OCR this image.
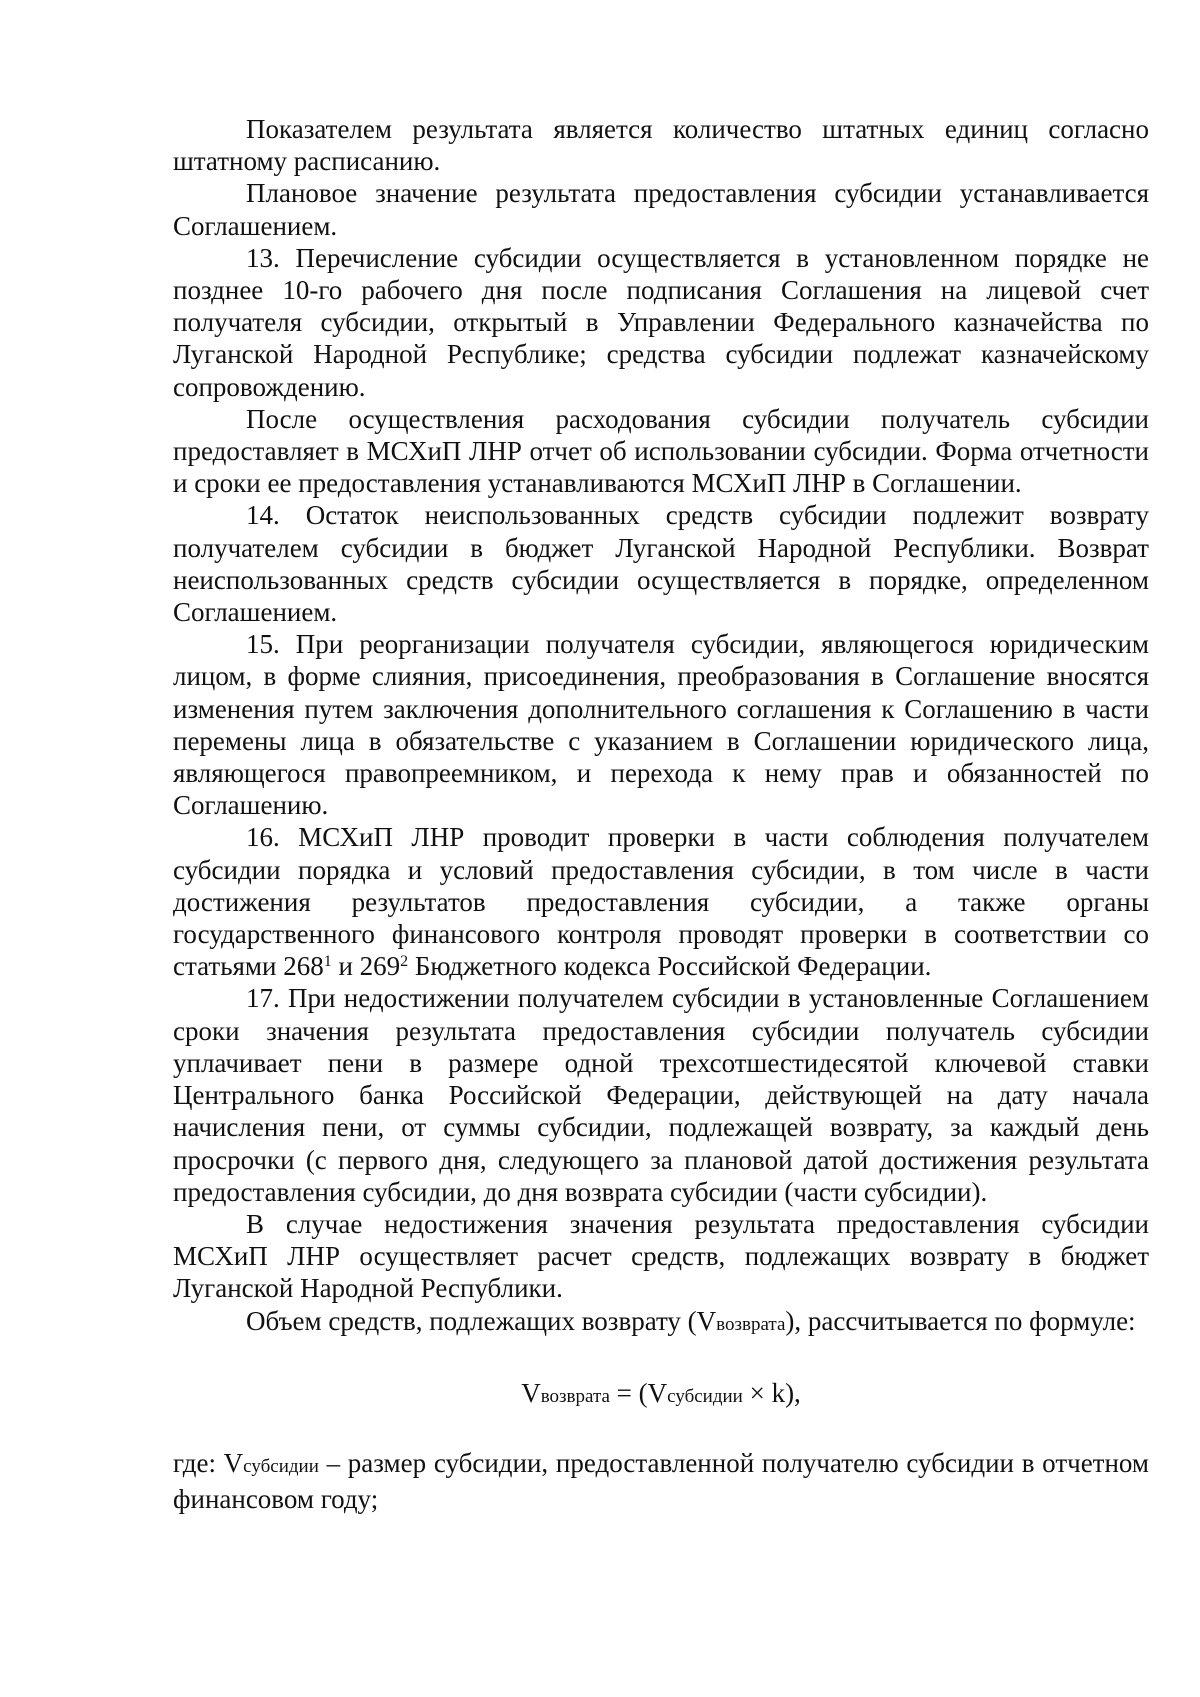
Показателем результата является количество штатных единиц согласно штатному расписанию.

Плановое значение результата предоставления субсидии устанавливается Соглашением.

13. Перечисление субсидии осуществляется в установленном порядке не позднее 10-го рабочего дня после подписания Соглашения на лицевой счет получателя субсидии, открытый в Управлении Федерального казначейства по Луганской Народной Республике; средства субсидии подлежат казначейскому сопровождению.

После осуществления расходования субсидии получатель субсидии предоставляет в МСХиП ЛНР отчет об использовании субсидии. Форма отчетности и сроки ее предоставления устанавливаются МСХиП ЛНР в Соглашении.

14. Остаток неиспользованных средств субсидии подлежит возврату получателем субсидии в бюджет Луганской Народной Республики. Возврат неиспользованных средств субсидии осуществляется в порядке, определенном Соглашением.

15. При реорганизации получателя субсидии, являющегося юридическим лицом, в форме слияния, присоединения, преобразования в Соглашение вносятся изменения путем заключения дополнительного соглашения к Соглашению в части перемены лица в обязательстве с указанием в Соглашении юридического лица, являющегося правопреемником, и перехода к нему прав и обязанностей по Соглашению.

16. МСХиП ЛНР проводит проверки в части соблюдения получателем субсидии порядка и условий предоставления субсидии, в том числе в части достижения результатов предоставления субсидии, а также органы государственного финансового контроля проводят проверки в соответствии со статьями $268^1$ и $269^2$ Бюджетного кодекса Российской Федерации.

17. При недостижении получателем субсидии в установленные Соглашением сроки значения результата предоставления субсидии получатель субсидии уплачивает пени в размере одной трехсотшестидесятой ключевой ставки Центрального банка Российской Федерации, действующей на дату начала начисления пени, от суммы субсидии, подлежащей возврату, за каждый день просрочки (с первого дня, следующего за плановой датой достижения результата предоставления субсидии, до дня возврата субсидии (части субсидии).

В случае недостижения значения результата предоставления субсидии МСХиП ЛНР осуществляет расчет средств, подлежащих возврату в бюджет Луганской Народной Республики.

Объем средств, подлежащих возврату (Vвозврата), рассчитывается по формуле:

Vвозврата = (Vсубсидии × k),

где: Vсубсидии – размер субсидии, предоставленной получателю субсидии в отчетном финансовом году;
